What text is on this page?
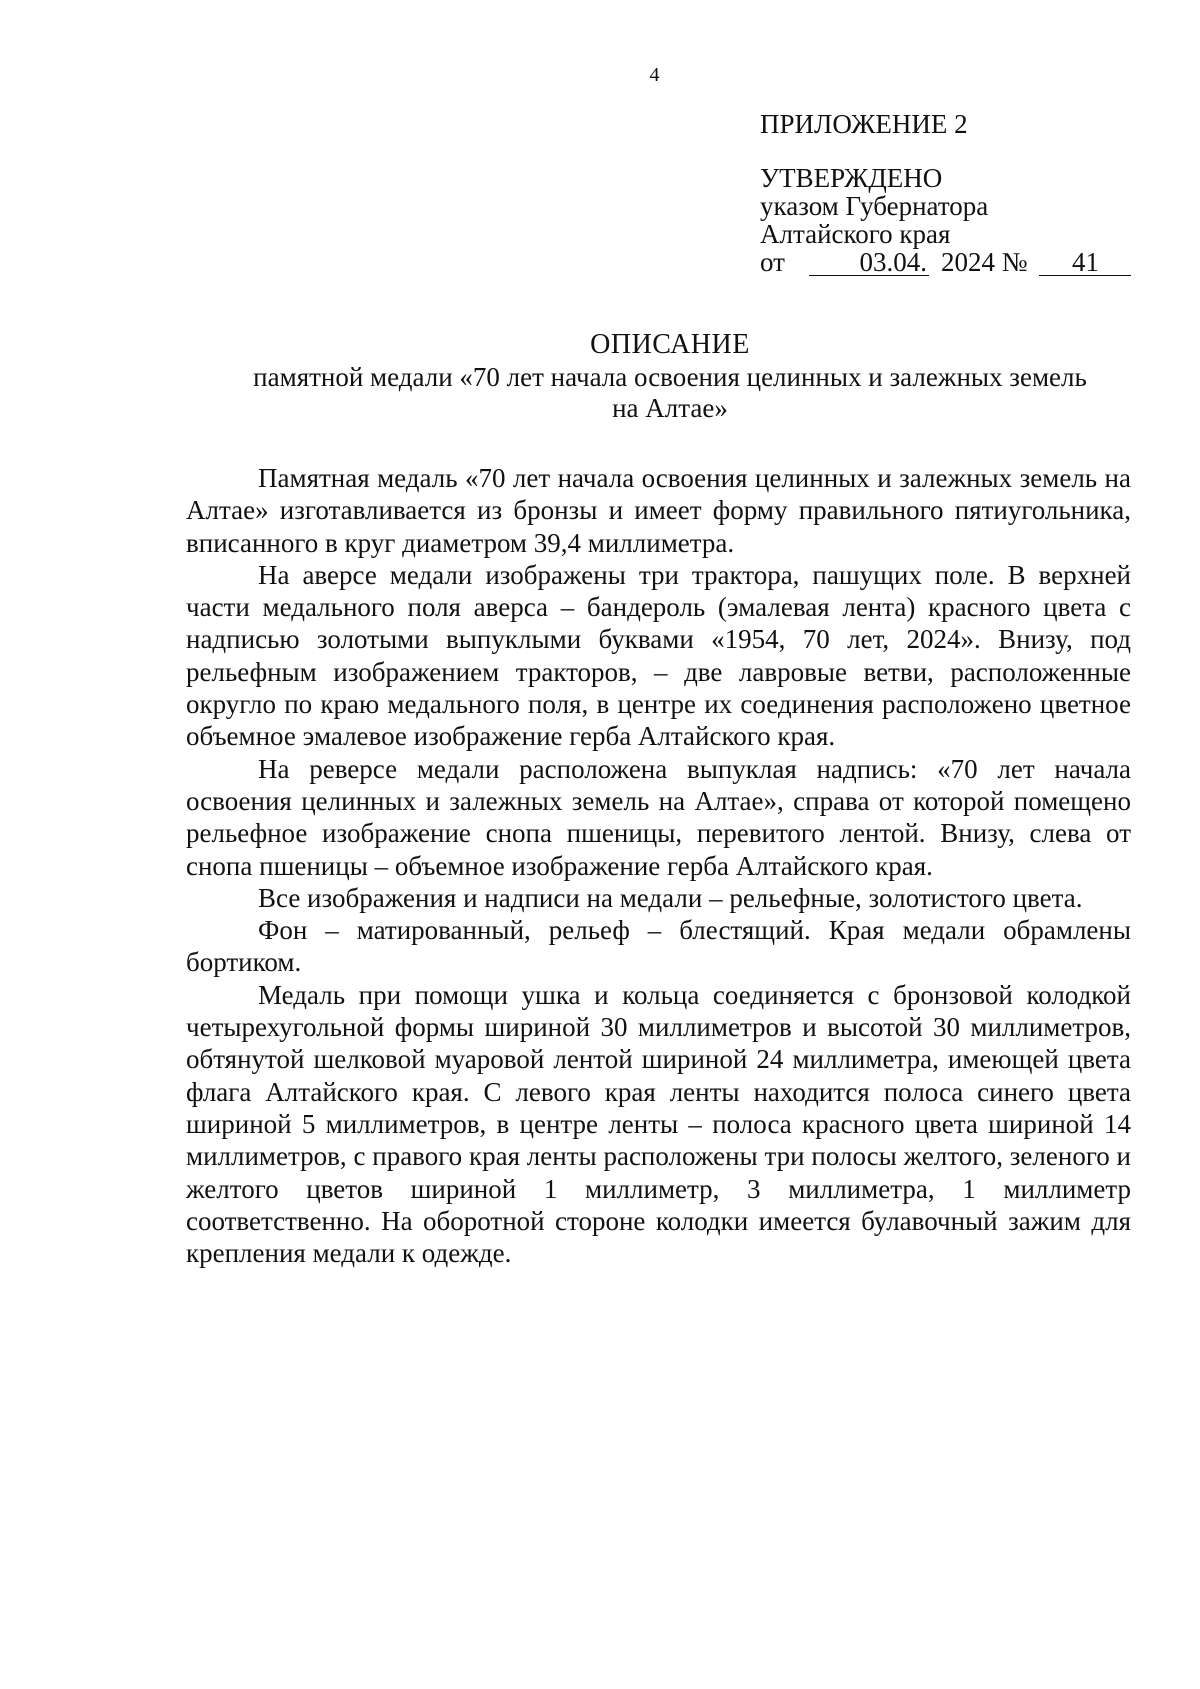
4
ПРИЛОЖЕНИЕ 2
УТВЕРЖДЕНО
указом Губернатора
Алтайского края
от	03.04. 2024 №	41
ОПИСАНИЕ

памятной медали «70 лет начала освоения целинных и залежных земель на Алтае»

Памятная медаль «70 лет начала освоения целинных и залежных земель на Алтае» изготавливается из бронзы и имеет форму правильного пятиугольника, вписанного в круг диаметром 39,4 миллиметра.

На аверсе медали изображены три трактора, пашущих поле. В верхней части медального поля аверса – бандероль (эмалевая лента) красного цвета с надписью золотыми выпуклыми буквами «1954, 70 лет, 2024». Внизу, под рельефным изображением тракторов, – две лавровые ветви, расположенные округло по краю медального поля, в центре их соединения расположено цветное объемное эмалевое изображение герба Алтайского края.

На реверсе медали расположена выпуклая надпись: «70 лет начала освоения целинных и залежных земель на Алтае», справа от которой помещено рельефное изображение снопа пшеницы, перевитого лентой. Внизу, слева от снопа пшеницы – объемное изображение герба Алтайского края.

Все изображения и надписи на медали – рельефные, золотистого цвета.

Фон – матированный, рельеф – блестящий. Края медали обрамлены бортиком.

Медаль при помощи ушка и кольца соединяется с бронзовой колодкой четырехугольной формы шириной 30 миллиметров и высотой 30 миллиметров, обтянутой шелковой муаровой лентой шириной 24 миллиметра, имеющей цвета флага Алтайского края. С левого края ленты находится полоса синего цвета шириной 5 миллиметров, в центре ленты – полоса красного цвета шириной 14 миллиметров, с правого края ленты расположены три полосы желтого, зеленого и желтого цветов шириной 1 миллиметр, 3 миллиметра, 1 миллиметр соответственно. На оборотной стороне колодки имеется булавочный зажим для крепления медали к одежде.
